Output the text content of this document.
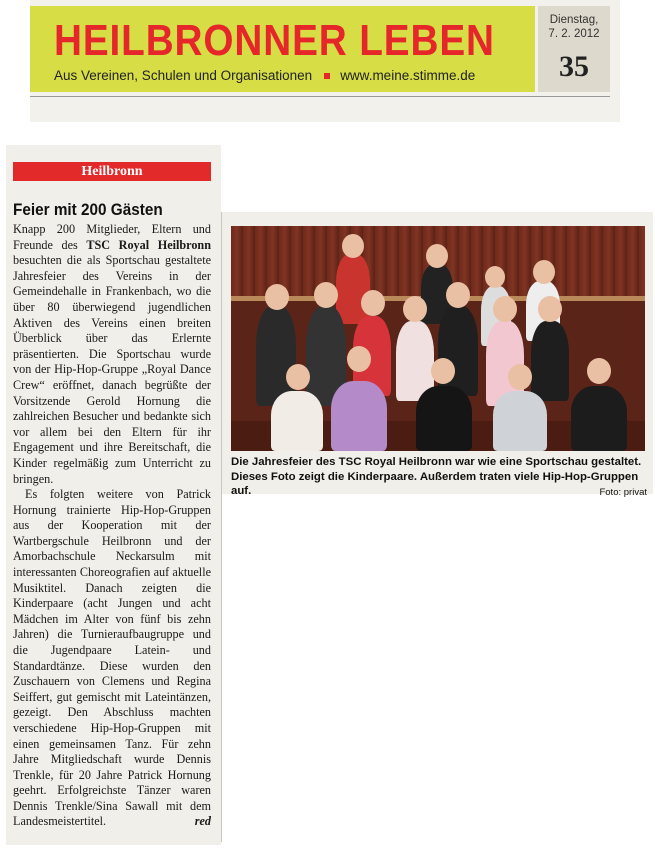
HEILBRONNER LEBEN
Aus Vereinen, Schulen und Organisationen www.meine.stimme.de
Dienstag,
7. 2. 2012
35
Heilbronn
Feier mit 200 Gästen
Knapp 200 Mitglieder, Eltern und Freunde des TSC Royal Heilbronn besuchten die als Sportschau gestaltete Jahresfeier des Vereins in der Gemeindehalle in Frankenbach, wo die über 80 überwiegend jugendlichen Aktiven des Vereins einen breiten Überblick über das Erlernte präsentierten. Die Sportschau wurde von der Hip-Hop-Gruppe „Royal Dance Crew“ eröffnet, danach begrüßte der Vorsitzende Gerold Hornung die zahlreichen Besucher und bedankte sich vor allem bei den Eltern für ihr Engagement und ihre Bereitschaft, die Kinder regelmäßig zum Unterricht zu bringen.
Es folgten weitere von Patrick Hornung trainierte Hip-Hop-Gruppen aus der Kooperation mit der Wartbergschule Heilbronn und der Amorbachschule Neckarsulm mit interessanten Choreografien auf aktuelle Musiktitel. Danach zeigten die Kinderpaare (acht Jungen und acht Mädchen im Alter von fünf bis zehn Jahren) die Turnieraufbaugruppe und die Jugendpaare Latein- und Standardtänze. Diese wurden den Zuschauern von Clemens und Regina Seiffert, gut gemischt mit Lateintänzen, gezeigt. Den Abschluss machten verschiedene Hip-Hop-Gruppen mit einen gemeinsamen Tanz. Für zehn Jahre Mitgliedschaft wurde Dennis Trenkle, für 20 Jahre Patrick Hornung geehrt. Erfolgreichste Tänzer waren Dennis Trenkle/Sina Sawall mit dem Landesmeistertitel.	red
Die Jahresfeier des TSC Royal Heilbronn war wie eine Sportschau gestaltet. Dieses Foto zeigt die Kinderpaare. Außerdem traten viele Hip-Hop-Gruppen auf.	Foto: privat
